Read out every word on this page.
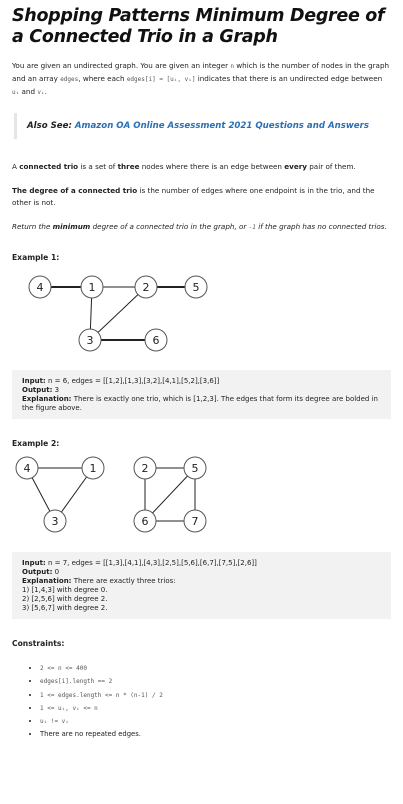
Shopping Patterns Minimum Degree of a Connected Trio in a Graph

You are given an undirected graph. You are given an integer n which is the number of nodes in the graph and an array edges, where each edges[i] = [uᵢ, vᵢ] indicates that there is an undirected edge between uᵢ and vᵢ.

Also See: Amazon OA Online Assessment 2021 Questions and Answers

A connected trio is a set of three nodes where there is an edge between every pair of them.

The degree of a connected trio is the number of edges where one endpoint is in the trio, and the other is not.

Return the minimum degree of a connected trio in the graph, or -1 if the graph has no connected trios.

Example 1:
4	1	2	5
3	6

Input: n = 6, edges = [[1,2],[1,3],[3,2],[4,1],[5,2],[3,6]]

Output: 3

Explanation: There is exactly one trio, which is [1,2,3]. The edges that form its degree are bolded in the figure above.

Example 2:
4	1
3
2	5
6	7

Input: n = 7, edges = [[1,3],[4,1],[4,3],[2,5],[5,6],[6,7],[7,5],[2,6]]

Output: 0

Explanation: There are exactly three trios:

1) [1,4,3] with degree 0.

2) [2,5,6] with degree 2.

3) [5,6,7] with degree 2.

Constraints:
• 2 <= n <= 400
• edges[i].length == 2
• 1 <= edges.length <= n * (n-1) / 2
• 1 <= uᵢ, vᵢ <= n
• uᵢ != vᵢ
• There are no repeated edges.
